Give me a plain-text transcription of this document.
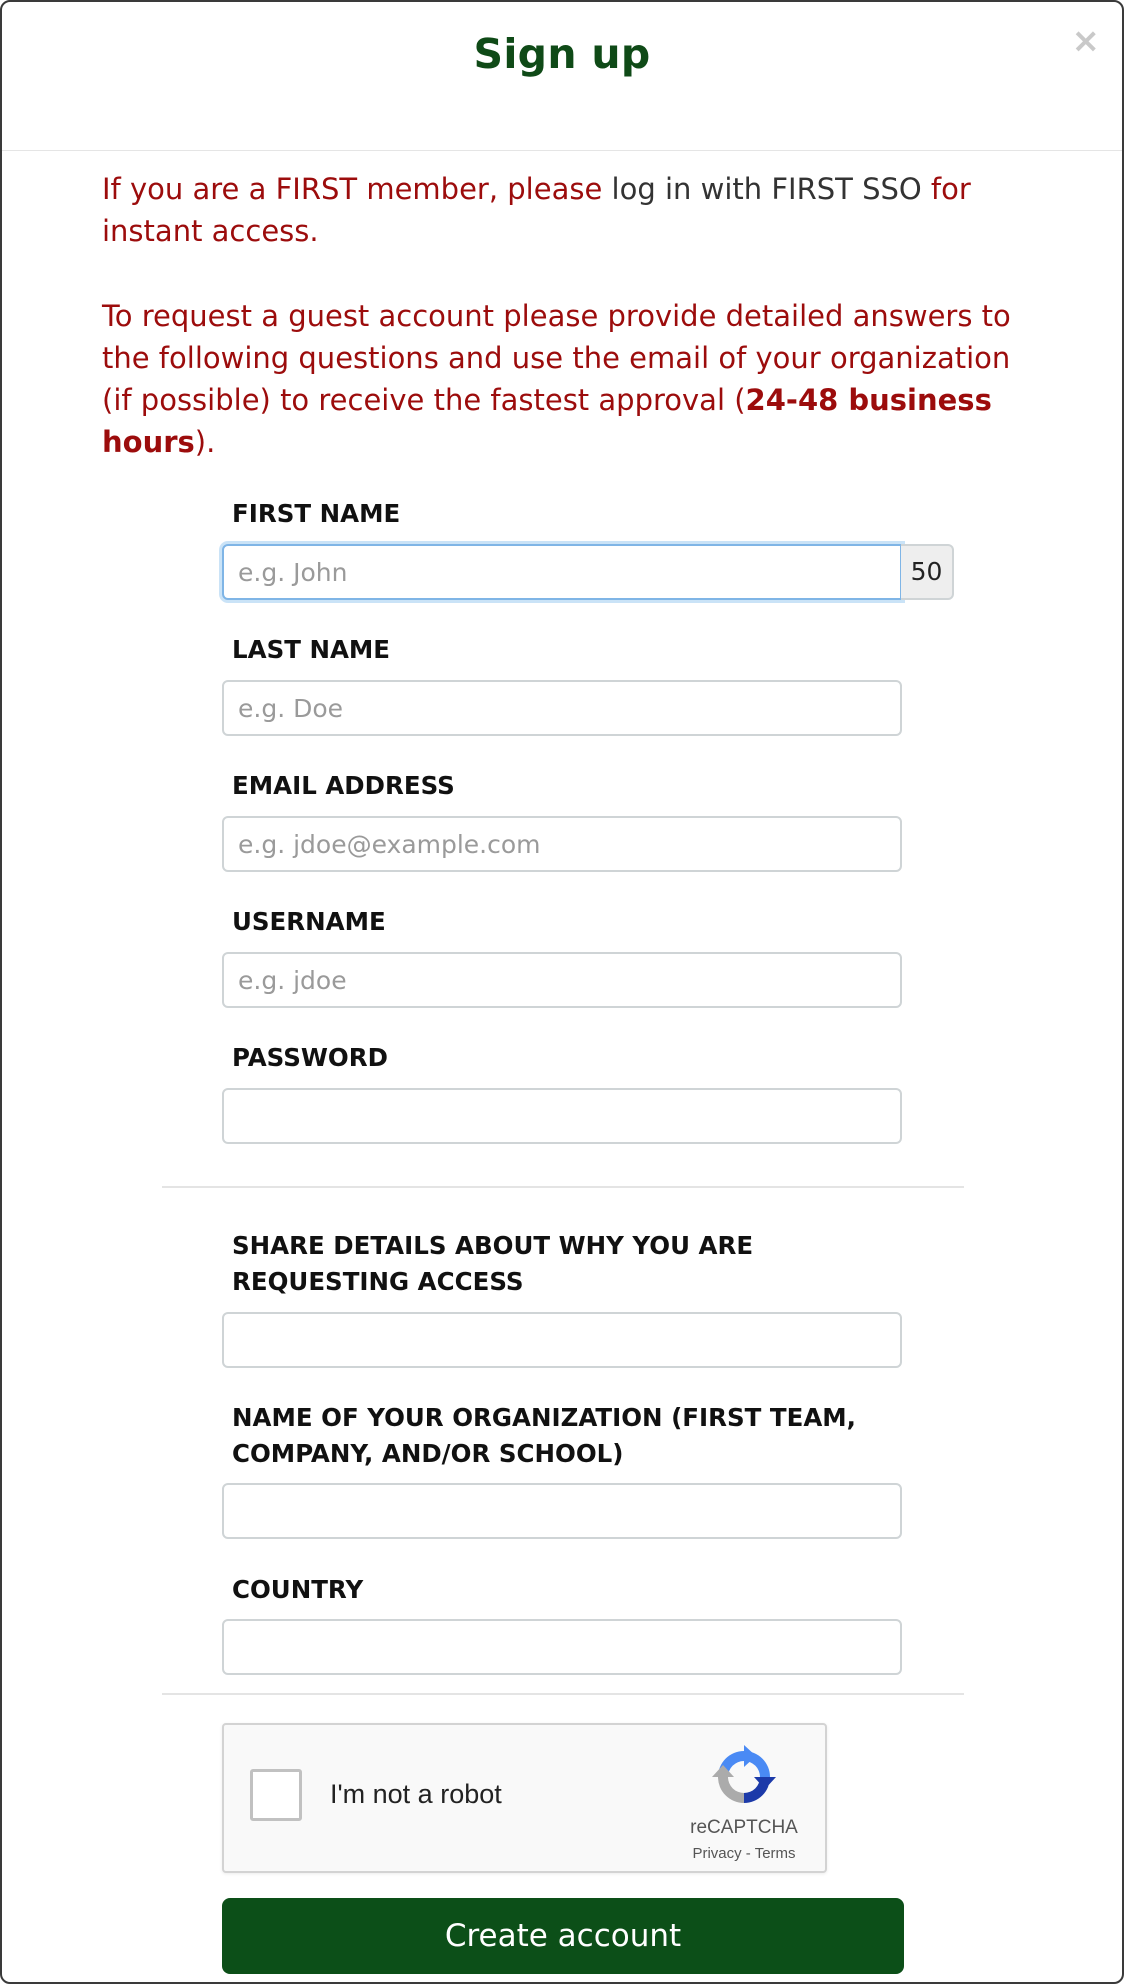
Sign up	×
If you are a FIRST member, please log in with FIRST SSO for instant access.
To request a guest account please provide detailed answers to the following questions and use the email of your organization (if possible) to receive the fastest approval (24-48 business hours).
FIRST NAME
e.g. John
50
LAST NAME
e.g. Doe
EMAIL ADDRESS
e.g. jdoe@example.com
USERNAME
e.g. jdoe
PASSWORD
SHARE DETAILS ABOUT WHY YOU ARE REQUESTING ACCESS
NAME OF YOUR ORGANIZATION (FIRST TEAM, COMPANY, AND/OR SCHOOL)
COUNTRY
I'm not a robot
reCAPTCHA
Privacy - Terms
Create account
